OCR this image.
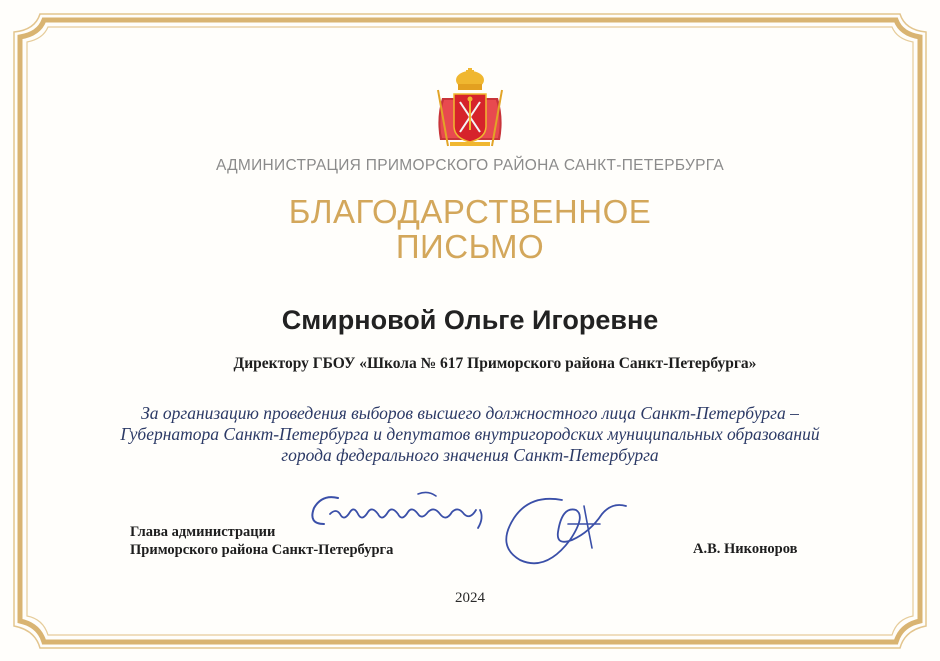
АДМИНИСТРАЦИЯ ПРИМОРСКОГО РАЙОНА САНКТ-ПЕТЕРБУРГА
БЛАГОДАРСТВЕННОЕ
ПИСЬМО
Смирновой Ольге Игоревне
Директору ГБОУ «Школа № 617 Приморского района Санкт-Петербурга»
За организацию проведения выборов высшего должностного лица Санкт-Петербурга –
Губернатора Санкт-Петербурга и депутатов внутригородских муниципальных образований
города федерального значения Санкт-Петербурга
Глава администрации
Приморского района Санкт-Петербурга	А.В. Никоноров
2024
